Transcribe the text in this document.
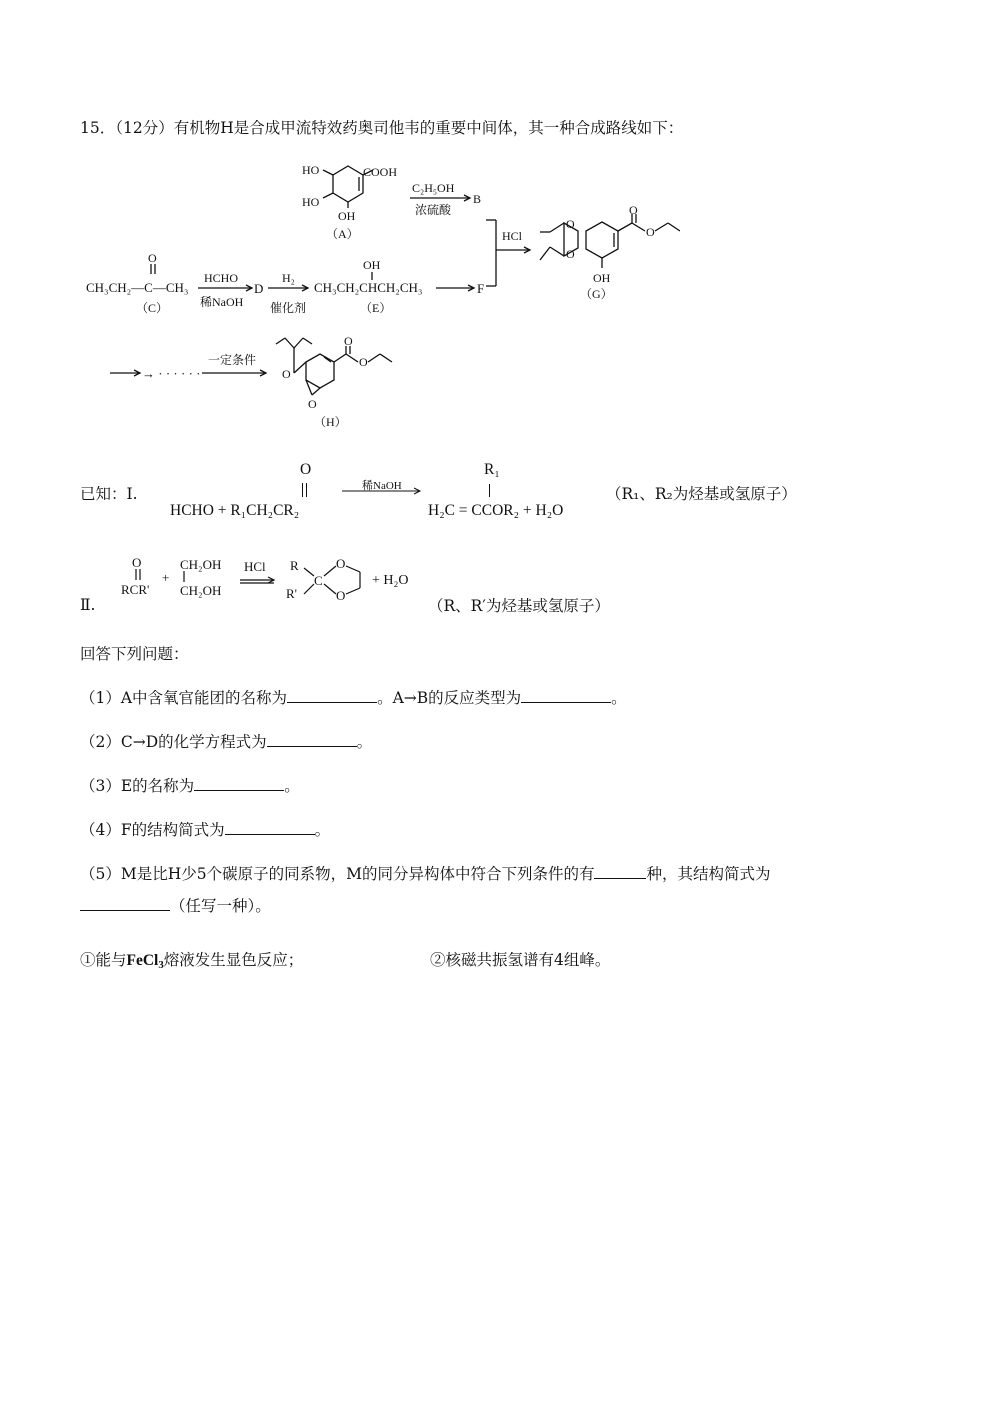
15．（12分）有机物H是合成甲流特效药奥司他韦的重要中间体，其一种合成路线如下：
COOH
HO
HO
OH
（A）
C₂H₅OH
浓硫酸
B
HCl
O
CH₃CH₂—C—CH₃
（C）
HCHO
稀NaOH
D
H₂
催化剂
OH
CH₃CH₂CHCH₂CH₃
（E）
F
O
O
O
O
OH
（G）
→ · · · · · ·
一定条件
O
O
O
O
（H）
已知：Ⅰ.
O
HCHO + R₁CH₂CR₂
稀NaOH
R₁
H₂C = CCOR₂ + H₂O
（R₁、R₂为烃基或氢原子）
Ⅱ.
O
RCR'
+
CH₂OH
CH₂OH
HCl R
R'
C
O
O
+ H₂O
（R、R′为烃基或氢原子）
回答下列问题：
（1）A中含氧官能团的名称为	。A→B的反应类型为	。
（2）C→D的化学方程式为	。
（3）E的名称为	。
（4）F的结构简式为	。
（5）M是比H少5个碳原子的同系物，M的同分异构体中符合下列条件的有	种，其结构简式为
（任写一种）。
①能与FeCl$_3$熔液发生显色反应；	②核磁共振氢谱有4组峰。
